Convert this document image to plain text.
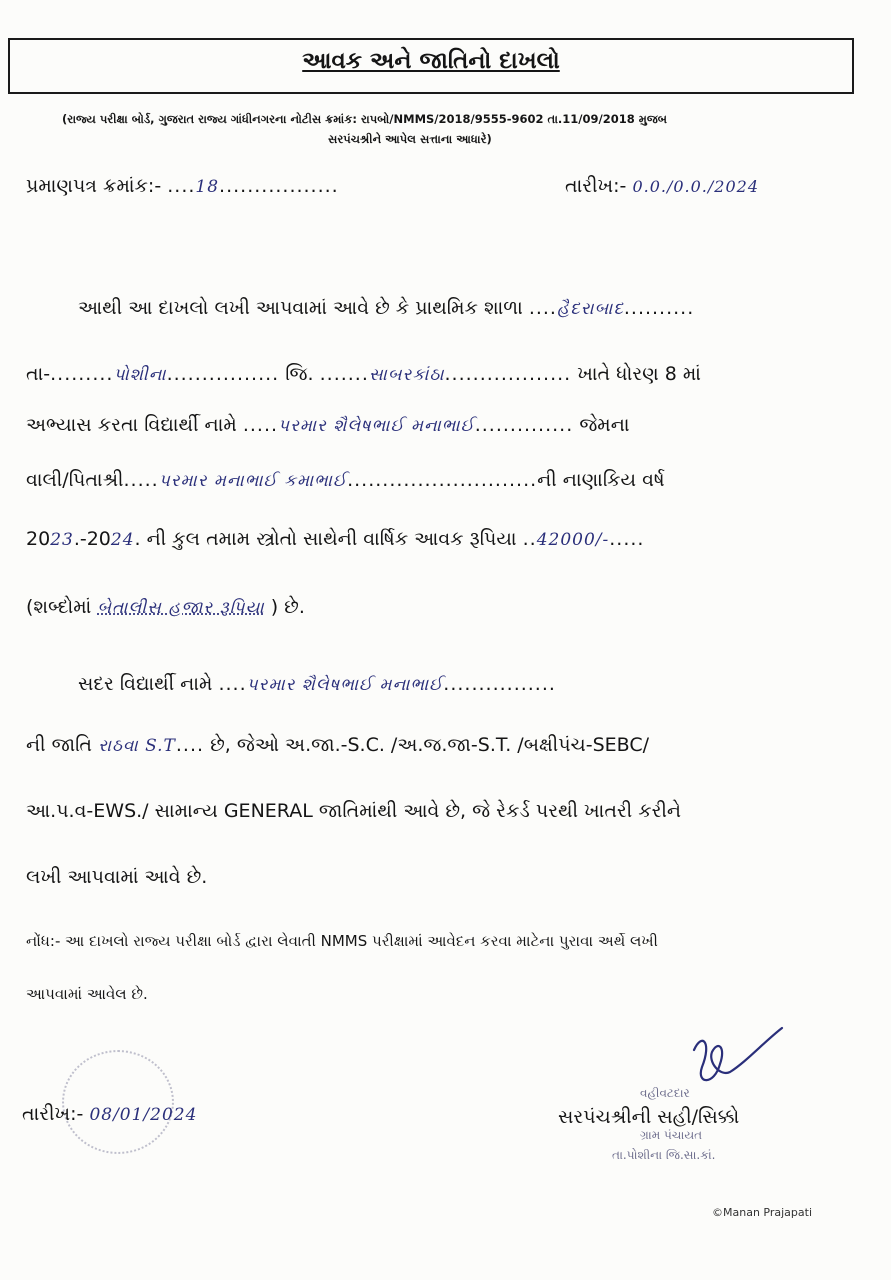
આવક અને જાતિનો દાખલો
(રાજ્ય પરીક્ષા બોર્ડ, ગુજરાત રાજ્ય ગાંધીનગરના નોટીસ ક્રમાંક: રાપબો/NMMS/2018/9555-9602 તા.11/09/2018 મુજબ
સરપંચશ્રીને આપેલ સત્તાના આધારે)
પ્રમાણપત્ર ક્રમાંક:- ....18.................	તારીખ:- 0.0./0.0./2024
આથી આ દાખલો લખી આપવામાં આવે છે કે પ્રાથમિક શાળા ....હૈદરાબાદ..........
તા-.........પોશીના................ જિ. .......સાબરકાંઠા.................. ખાતે ધોરણ 8 માં
અભ્યાસ કરતા વિદ્યાર્થી નામે .....પરમાર શૈલેષભાઈ મનાભાઈ.............. જેમના
વાલી/પિતાશ્રી.....પરમાર મનાભાઈ કમાભાઈ...........................ની નાણાકિય વર્ષ
2023.-2024. ની કુલ તમામ સ્ત્રોતો સાથેની વાર્ષિક આવક રૂપિયા ..42000/-.....
(શબ્દોમાં બેતાલીસ હજાર રૂપિયા ) છે.
સદર વિદ્યાર્થી નામે ....પરમાર શૈલેષભાઈ મનાભાઈ................
ની જાતિ રાઠવા S.T.... છે, જેઓ અ.જા.-S.C. /અ.જ.જા-S.T. /બક્ષીપંચ-SEBC/
આ.પ.વ-EWS./ સામાન્ય GENERAL જાતિમાંથી આવે છે, જે રેકર્ડ પરથી ખાતરી કરીને
લખી આપવામાં આવે છે.
નોંધ:- આ દાખલો રાજ્ય પરીક્ષા બોર્ડ દ્વારા લેવાતી NMMS પરીક્ષામાં આવેદન કરવા માટેના પુરાવા અર્થે લખી
આપવામાં આવેલ છે.
તારીખ:- 08/01/2024
વહીવટદાર
સરપંચશ્રીની સહી/સિક્કો
ગ્રામ પંચાયત
તા.પોશીના જિ.સા.કાં.
©Manan Prajapati
